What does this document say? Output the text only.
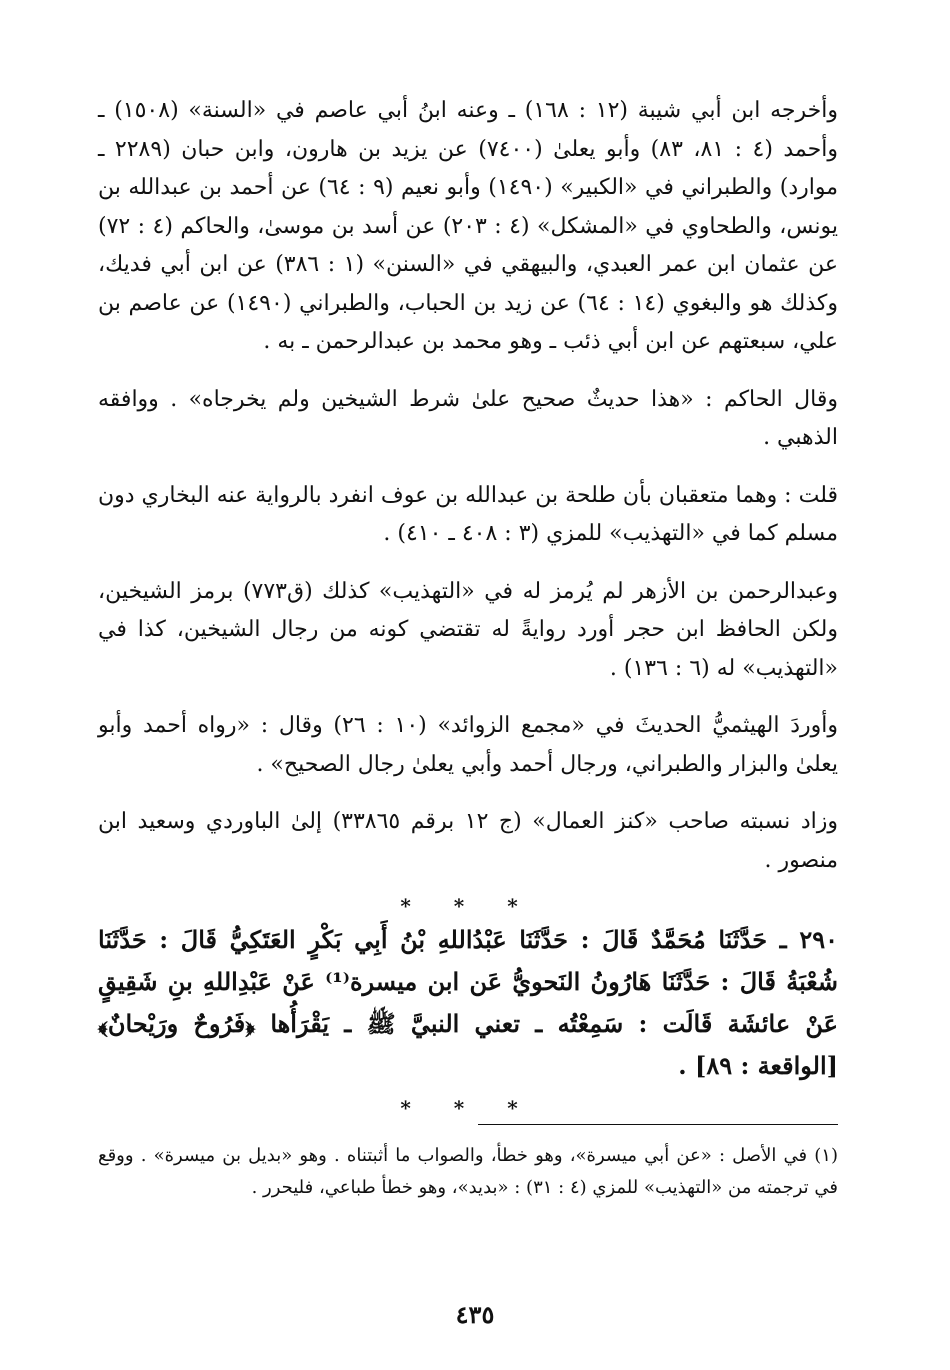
وأخرجه ابن أبي شيبة (١٢ : ١٦٨) ـ وعنه ابنُ أبي عاصم في «السنة» (١٥٠٨) ـ وأحمد (٤ : ٨١، ٨٣) وأبو يعلىٰ (٧٤٠٠) عن يزيد بن هارون، وابن حبان (٢٢٨٩ ـ موارد) والطبراني في «الكبير» (١٤٩٠) وأبو نعيم (٩ : ٦٤) عن أحمد بن عبدالله بن يونس، والطحاوي في «المشكل» (٤ : ٢٠٣) عن أسد بن موسىٰ، والحاكم (٤ : ٧٢) عن عثمان ابن عمر العبدي، والبيهقي في «السنن» (١ : ٣٨٦) عن ابن أبي فديك، وكذلك هو والبغوي (١٤ : ٦٤) عن زيد بن الحباب، والطبراني (١٤٩٠) عن عاصم بن علي، سبعتهم عن ابن أبي ذئب ـ وهو محمد بن عبدالرحمن ـ به .

وقال الحاكم : «هذا حديثٌ صحيح علىٰ شرط الشيخين ولم يخرجاه» . ووافقه الذهبي .

قلت : وهما متعقبان بأن طلحة بن عبدالله بن عوف انفرد بالرواية عنه البخاري دون مسلم كما في «التهذيب» للمزي (٣ : ٤٠٨ ـ ٤١٠) .

وعبدالرحمن بن الأزهر لم يُرمز له في «التهذيب» كذلك (ق٧٧٣) برمز الشيخين، ولكن الحافظ ابن حجر أورد روايةً له تقتضي كونه من رجال الشيخين، كذا في «التهذيب» له (٦ : ١٣٦) .

وأوردَ الهيثميُّ الحديثَ في «مجمع الزوائد» (١٠ : ٢٦) وقال : «رواه أحمد وأبو يعلىٰ والبزار والطبراني، ورجال أحمد وأبي يعلىٰ رجال الصحيح» .

وزاد نسبته صاحب «كنز العمال» (ج ١٢ برقم ٣٣٨٦٥) إلىٰ الباوردي وسعيد ابن منصور .

* * *

٢٩٠ ـ حَدَّثَنَا مُحَمَّدٌ قَالَ : حَدَّثَنَا عَبْدُاللهِ بْنُ أَبِي بَكْرٍ العَتَكِيُّ قَالَ : حَدَّثَنَا شُعْبَةُ قَالَ : حَدَّثَنَا هَارُونُ النَحويُّ عَن ابن ميسرة⁽¹⁾ عَنْ عَبْدِاللهِ بنِ شَقِيقٍ عَنْ عائشَة قَالَت : سَمِعْتُه ـ تعني النبيَّ ﷺ ـ يَقْرَأُها ﴿فَرُوحٌ ورَيْحانٌ﴾ [الواقعة : ٨٩] .

* * *

(١) في الأصل : «عن أبي ميسرة»، وهو خطأ، والصواب ما أثبتناه . وهو «بديل بن ميسرة» . ووقع في ترجمته من «التهذيب» للمزي (٤ : ٣١) : «بديد»، وهو خطأ طباعي، فليحرر .

٤٣٥
